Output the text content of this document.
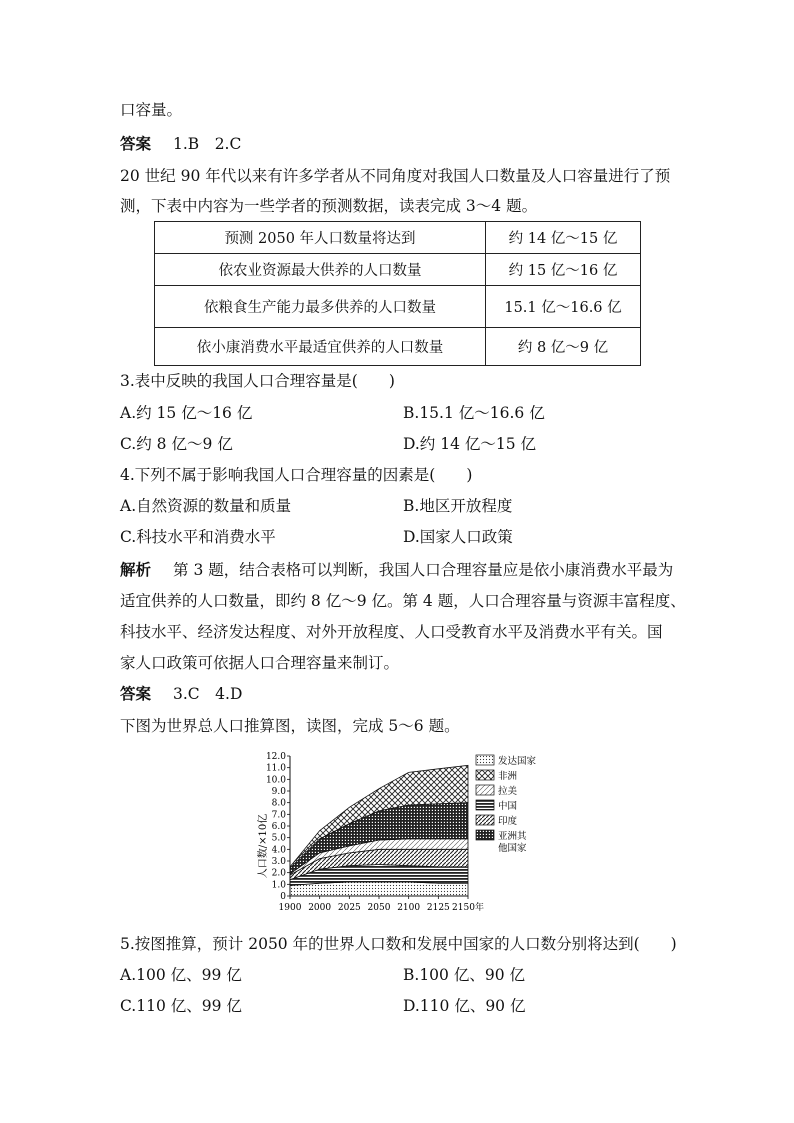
口容量。
答案 1.B　2.C
20 世纪 90 年代以来有许多学者从不同角度对我国人口数量及人口容量进行了预
测，下表中内容为一些学者的预测数据，读表完成 3～4 题。
预测 2050 年人口数量将达到	约 14 亿～15 亿
依农业资源最大供养的人口数量	约 15 亿～16 亿
依粮食生产能力最多供养的人口数量	15.1 亿～16.6 亿
依小康消费水平最适宜供养的人口数量	约 8 亿～9 亿
3.表中反映的我国人口合理容量是(　　)
A.约 15 亿～16 亿	B.15.1 亿～16.6 亿
C.约 8 亿～9 亿	D.约 14 亿～15 亿
4.下列不属于影响我国人口合理容量的因素是(　　)
A.自然资源的数量和质量	B.地区开放程度
C.科技水平和消费水平	D.国家人口政策
解析 第 3 题，结合表格可以判断，我国人口合理容量应是依小康消费水平最为
适宜供养的人口数量，即约 8 亿～9 亿。第 4 题，人口合理容量与资源丰富程度、
科技水平、经济发达程度、对外开放程度、人口受教育水平及消费水平有关。国
家人口政策可依据人口合理容量来制订。
答案 3.C　4.D
下图为世界总人口推算图，读图，完成 5～6 题。
人口数/×10亿
0
1.0
2.0
3.0
4.0
5.0
6.0
7.0
8.0
9.0
10.0
11.0
12.0
1900 2000 2025 2050 2100 2125 2150年
发达国家
非洲
拉美
中国
印度
亚洲其
他国家
5.按图推算，预计 2050 年的世界人口数和发展中国家的人口数分别将达到(　　)
A.100 亿、99 亿	B.100 亿、90 亿
C.110 亿、99 亿	D.110 亿、90 亿
